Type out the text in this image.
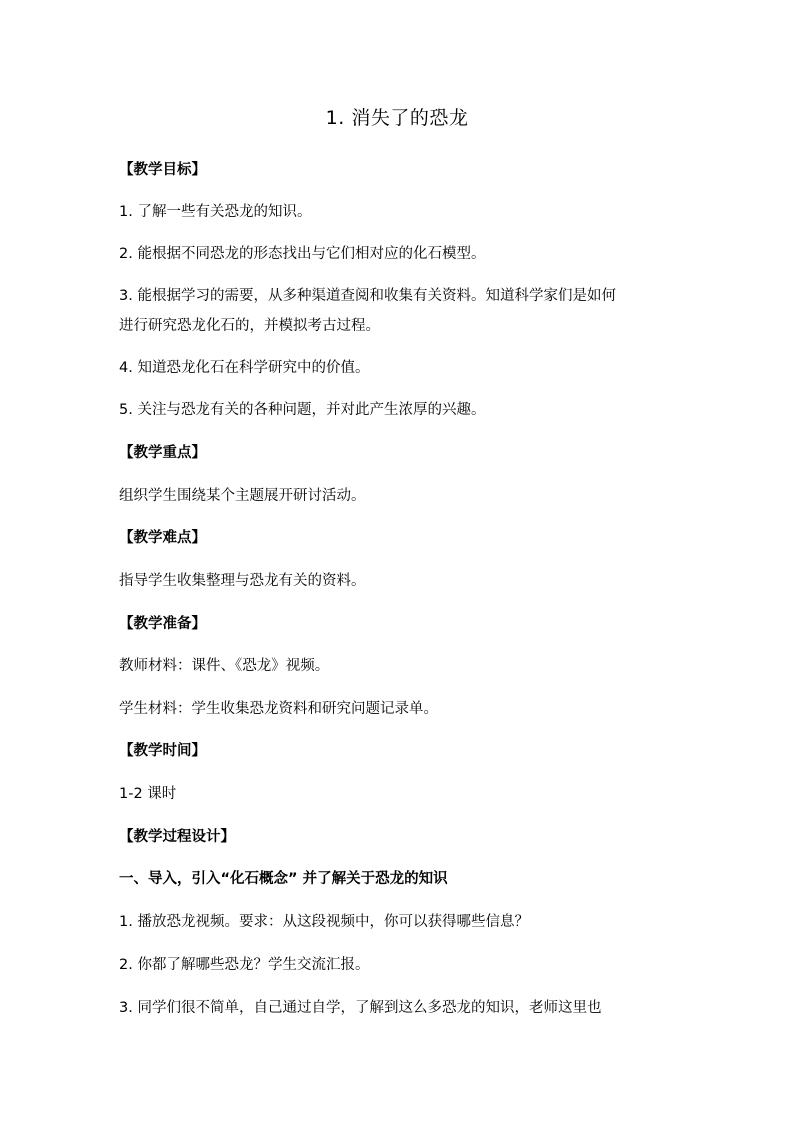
1. 消失了的恐龙
【教学目标】
1. 了解一些有关恐龙的知识。
2. 能根据不同恐龙的形态找出与它们相对应的化石模型。
3. 能根据学习的需要，从多种渠道查阅和收集有关资料。知道科学家们是如何
进行研究恐龙化石的，并模拟考古过程。
4. 知道恐龙化石在科学研究中的价值。
5. 关注与恐龙有关的各种问题，并对此产生浓厚的兴趣。
【教学重点】
组织学生围绕某个主题展开研讨活动。
【教学难点】
指导学生收集整理与恐龙有关的资料。
【教学准备】
教师材料：课件、《恐龙》视频。
学生材料：学生收集恐龙资料和研究问题记录单。
【教学时间】
1-2 课时
【教学过程设计】
一、导入，引入“化石概念” 并了解关于恐龙的知识
1. 播放恐龙视频。要求：从这段视频中，你可以获得哪些信息？
2. 你都了解哪些恐龙？学生交流汇报。
3. 同学们很不简单，自己通过自学，了解到这么多恐龙的知识，老师这里也
